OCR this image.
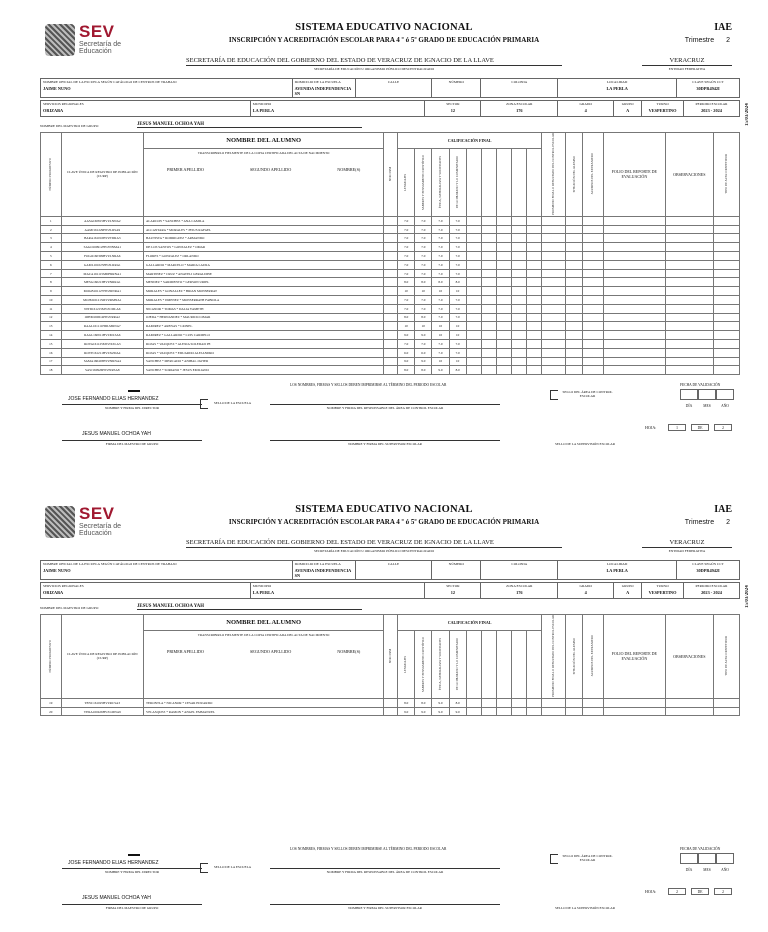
SEV
Secretaría de Educación
SISTEMA EDUCATIVO NACIONAL
INSCRIPCIÓN Y ACREDITACIÓN ESCOLAR PARA 4 º ó 5º GRADO DE EDUCACIÓN PRIMARIA
IAE
Trimestre 2
SECRETARÍA DE EDUCACIÓN DEL GOBIERNO DEL ESTADO DE VERACRUZ DE IGNACIO DE LA LLAVE
SECRETARÍA DE EDUCACIÓN U ORGANISMO PÚBLICO DESCENTRALIZADO
VERACRUZ
ENTIDAD FEDERATIVA
15/03/2024
NOMBRE OFICIAL DE LA ESCUELA SEGÚN CATÁLOGO DE CENTROS DE TRABAJO
JAIME NUNO
	DOMICILIO DE LA ESCUELA
AVENIDA INDEPENDENCIA SN
	CALLE	NÚMERO	COLONIA	LOCALIDAD
LA PERLA
	CLAVE SEGÚN CCT
30DPR4942I
SERVICIOS REGIONALES
ORIZABA
	MUNICIPIO
LA PERLA
	SECTOR
12
	ZONA ESCOLAR
176
	GRADO
4
	GRUPO
A
	TURNO
VESPERTINO
	PERIODO ESCOLAR
2023 - 2024
NOMBRE DEL MAESTRO DE GRUPO	JESUS MANUEL OCHOA YAH
NÚMERO PROGRESIVO	CLAVE ÚNICA DE REGISTRO DE POBLACIÓN (CURP)	NOMBRE DEL ALUMNO	SEXO H/M	CALIFICACIÓN FINAL									PROMEDIO FINAL O RESULTADO DEL CONTROL ESCOLAR	SITUACIÓN DEL ALUMNO	ALUMNOS DEL EXTRANJERO	FOLIO DEL REPORTE DE EVALUACIÓN	OBSERVACIONES	TIPO DE ALTA O REPETIDOR

		TRANSCRIBIRLO FIELMENTE DE LA COPIA CERTIFICADA DEL ACTA DE NACIMIENTO
PRIMER APELLIDO SEGUNDO APELLIDO NOMBRE(S)		LENGUAJES	SABERES Y PENSAMIENTO CIENTÍFICO	ÉTICA, NATURALEZA Y SOCIEDADES	DE LO HUMANO Y LO COMUNITARIO											
1	AASA160815HVZLNNA2	ALARCON * SANCHEZ * ANA CAMILA		7.0	7.0	7.0	7.0											
2	AAMJ161229HVZLRSA9	ALCANTARA * MORALES * JESUS RAFAEL		7.0	7.0	7.0	7.0											
3	BARA161010HVZTDRA3	BAUTISTA * RODRIGUEZ * ARMANDO		7.0	7.0	7.0	7.0											
4	SAGO160912HVZNNMA1	DE LOS SANTOS * GONZALEZ * OMAR		7.0	7.0	7.0	7.0											
5	FOGO160309HVZLNRA6	FLORES * GONZALEZ * ORLANDO		7.0	7.0	7.0	7.0											
6	GAML161025HVZLRRA1	GALLARDO * MARCELO * MARIA LAURA		7.0	7.0	7.0	7.0											
7	MACA161115MDFRRNA1	MARTINEZ * CRUZ * ANAVELI GERALDINE		7.0	7.0	7.0	7.0											
8	MESG160213HVZNRRA1	MENDEZ * SARMIENTO * GERSON URIEL		8.0	8.0	8.0	8.0											
9	MOGB161127HVZRNRA1	MORALES * GONZALEZ * BRIAN MONSERRAT		10	10	10	10											
10	MOJM161215MVZRMNA1	MORALES * JIMENEZ * MONSERRATH FABIOLA		7.0	7.0	7.0	7.0											
11	NITD161215MVZCMLA6	NICANOR * TOMAS * DALIA YAMETH		7.0	7.0	7.0	7.0											
12	OIHM160614HVZJRRA2	OJEDA * HERNANDEZ * MAURICIO OMAR		8.0	8.0	7.0	7.0											
13	RAAL161111HDLMRNA7	RAMIREZ * ARENAS * LIONEL		10	10	10	10											
14	RAGL160911HVZMLSA6	RAMIREZ * GALLARDO * LUIS CARMELO		9.0	9.0	10	10											
15	ROVA161125MVZXZLA3	ROJAS * VAZQUEZ * ALEXIA SOLEDAD PE		7.0	7.0	7.0	7.0											
16	ROVE161211HVZXZDA4	ROJAS * VAZQUEZ * EDUARDO ALEJANDRO		6.0	6.0	7.0	7.0											
17	SAMA160403HVZNRNA4	SANCHEZ * MERCADO * ANIBAL JAVIER		9.0	9.0	10	10											
18	SASJ160926HVZNRSA8	SANCHEZ * SORIANO * JESUS EMILIANO		8.0	8.0	9.0	8.0											
LOS NOMBRES, FIRMAS Y SELLOS DEBEN IMPRIMIRSE AL TÉRMINO DEL PERIODO ESCOLAR	FECHA DE VALIDACIÓN
DÍA	MES	AÑO
JOSE FERNANDO ELIAS HERNANDEZ
NOMBRE Y FIRMA DEL DIRECTOR
SELLO DE LA ESCUELA
NOMBRE Y FIRMA DEL RESPONSABLE DEL ÁREA DE CONTROL ESCOLAR
SELLO DEL ÁREA DE CONTROL ESCOLAR
HOJA:	1	DE	2
JESUS MANUEL OCHOA YAH
FIRMA DEL MAESTRO DE GRUPO	NOMBRE Y FIRMA DEL SUPERVISOR ESCOLAR	SELLO DE LA SUPERVISIÓN ESCOLAR
SEV
Secretaría de Educación
SISTEMA EDUCATIVO NACIONAL
INSCRIPCIÓN Y ACREDITACIÓN ESCOLAR PARA 4 º ó 5º GRADO DE EDUCACIÓN PRIMARIA
IAE
Trimestre 2
SECRETARÍA DE EDUCACIÓN DEL GOBIERNO DEL ESTADO DE VERACRUZ DE IGNACIO DE LA LLAVE
SECRETARÍA DE EDUCACIÓN U ORGANISMO PÚBLICO DESCENTRALIZADO
VERACRUZ
ENTIDAD FEDERATIVA
15/03/2024
NOMBRE OFICIAL DE LA ESCUELA SEGÚN CATÁLOGO DE CENTROS DE TRABAJO
JAIME NUNO
	DOMICILIO DE LA ESCUELA
AVENIDA INDEPENDENCIA SN
	CALLE	NÚMERO	COLONIA	LOCALIDAD
LA PERLA
	CLAVE SEGÚN CCT
30DPR4942I
SERVICIOS REGIONALES
ORIZABA
	MUNICIPIO
LA PERLA
	SECTOR
12
	ZONA ESCOLAR
176
	GRADO
4
	GRUPO
A
	TURNO
VESPERTINO
	PERIODO ESCOLAR
2023 - 2024
NOMBRE DEL MAESTRO DE GRUPO	JESUS MANUEL OCHOA YAH
NÚMERO PROGRESIVO	CLAVE ÚNICA DE REGISTRO DE POBLACIÓN (CURP)	NOMBRE DEL ALUMNO	SEXO H/M	CALIFICACIÓN FINAL									PROMEDIO FINAL O RESULTADO DEL CONTROL ESCOLAR	SITUACIÓN DEL ALUMNO	ALUMNOS DEL EXTRANJERO	FOLIO DEL REPORTE DE EVALUACIÓN	OBSERVACIONES	TIPO DE ALTA O REPETIDOR

		TRANSCRIBIRLO FIELMENTE DE LA COPIA CERTIFICADA DEL ACTA DE NACIMIENTO
PRIMER APELLIDO SEGUNDO APELLIDO NOMBRE(S)		LENGUAJES	SABERES Y PENSAMIENTO CIENTÍFICO	ÉTICA, NATURALEZA Y SOCIEDADES	DE LO HUMANO Y LO COMUNITARIO											
19	TENC161025HVZRCSA3	TERONTLA * NICANOR * CESAR EDUARDO		8.0	8.0	9.0	8.0											
20	VERA160426HVZLMNA9	VELASQUEZ * RAMON * ANGEL EMMANUEL		9.0	9.0	9.0	9.0											
LOS NOMBRES, FIRMAS Y SELLOS DEBEN IMPRIMIRSE AL TÉRMINO DEL PERIODO ESCOLAR	FECHA DE VALIDACIÓN
DÍA	MES	AÑO
JOSE FERNANDO ELIAS HERNANDEZ
NOMBRE Y FIRMA DEL DIRECTOR
SELLO DE LA ESCUELA
NOMBRE Y FIRMA DEL RESPONSABLE DEL ÁREA DE CONTROL ESCOLAR
SELLO DEL ÁREA DE CONTROL ESCOLAR
HOJA:	2	DE	2
JESUS MANUEL OCHOA YAH
FIRMA DEL MAESTRO DE GRUPO	NOMBRE Y FIRMA DEL SUPERVISOR ESCOLAR	SELLO DE LA SUPERVISIÓN ESCOLAR
